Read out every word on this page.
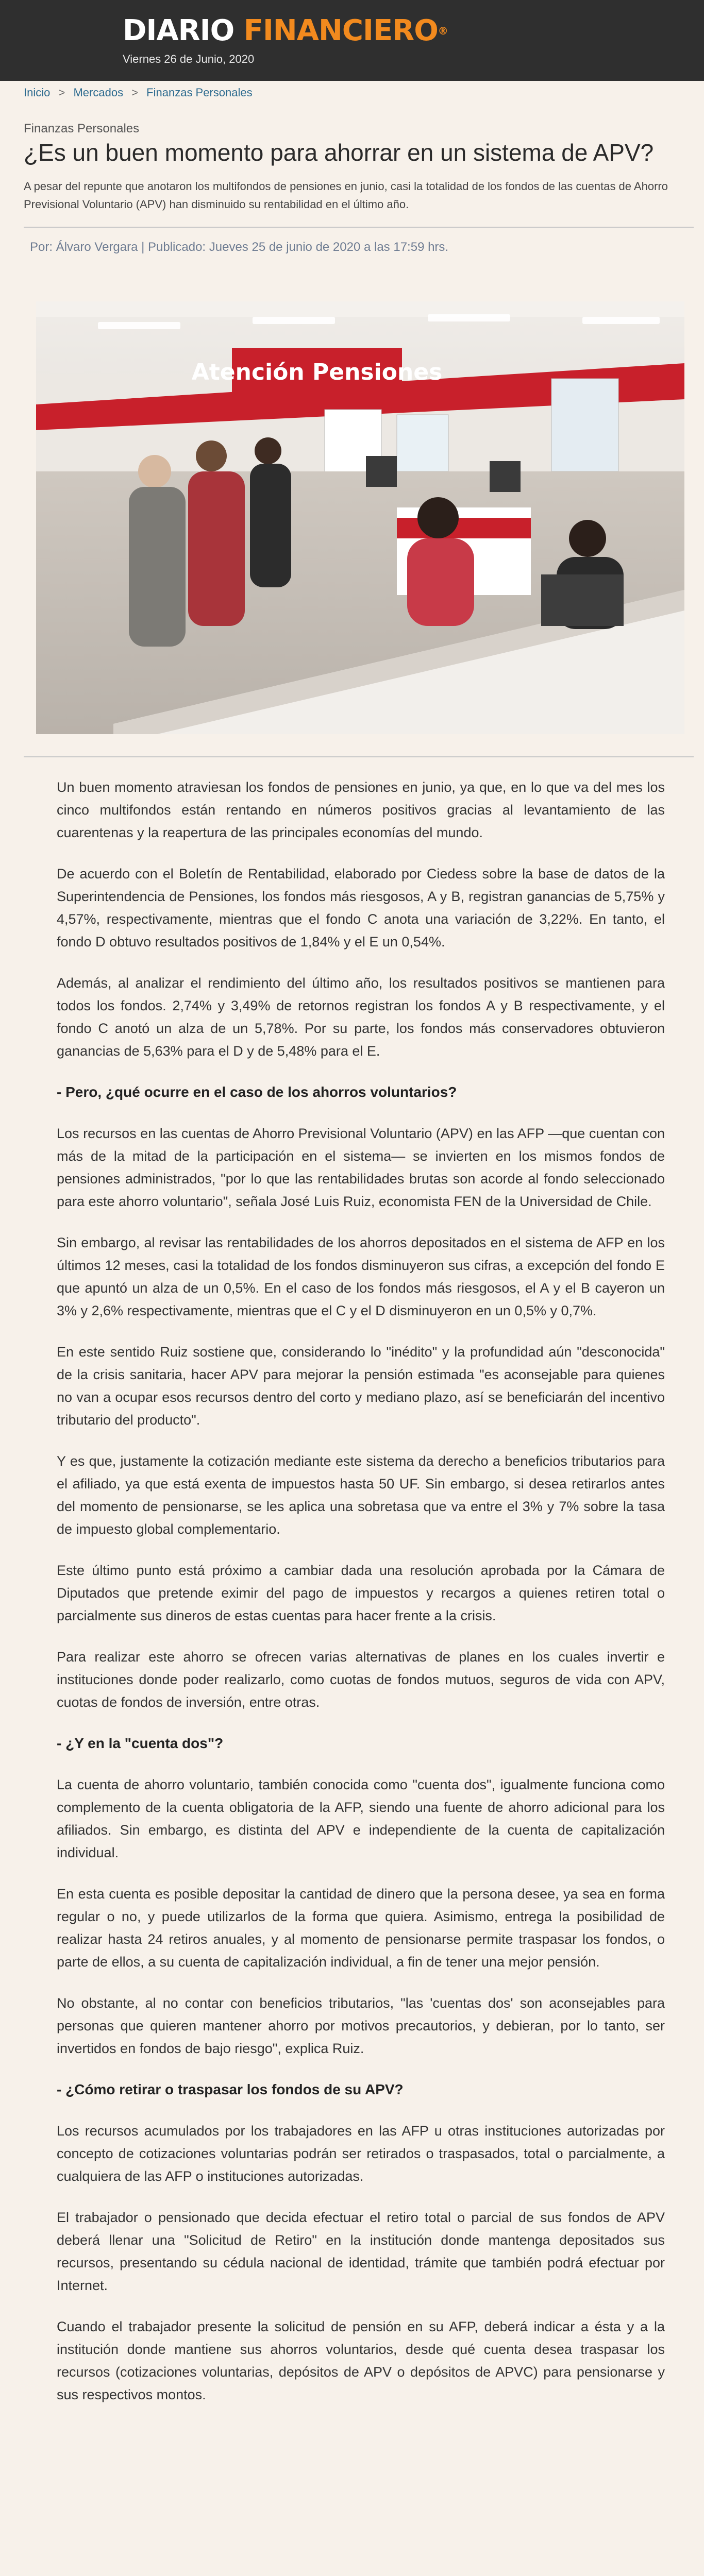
DIARIO FINANCIERO®
Viernes 26 de Junio, 2020
Inicio > Mercados > Finanzas Personales
Finanzas Personales
¿Es un buen momento para ahorrar en un sistema de APV?

A pesar del repunte que anotaron los multifondos de pensiones en junio, casi la totalidad de los fondos de las cuentas de Ahorro Previsional Voluntario (APV) han disminuido su rentabilidad en el último año.

Por: Álvaro Vergara | Publicado: Jueves 25 de junio de 2020 a las 17:59 hrs.
Atención Pensiones

Un buen momento atraviesan los fondos de pensiones en junio, ya que, en lo que va del mes los cinco multifondos están rentando en números positivos gracias al levantamiento de las cuarentenas y la reapertura de las principales economías del mundo.

De acuerdo con el Boletín de Rentabilidad, elaborado por Ciedess sobre la base de datos de la Superintendencia de Pensiones, los fondos más riesgosos, A y B, registran ganancias de 5,75% y 4,57%, respectivamente, mientras que el fondo C anota una variación de 3,22%. En tanto, el fondo D obtuvo resultados positivos de 1,84% y el E un 0,54%.

Además, al analizar el rendimiento del último año, los resultados positivos se mantienen para todos los fondos. 2,74% y 3,49% de retornos registran los fondos A y B respectivamente, y el fondo C anotó un alza de un 5,78%. Por su parte, los fondos más conservadores obtuvieron ganancias de 5,63% para el D y de 5,48% para el E.

- Pero, ¿qué ocurre en el caso de los ahorros voluntarios?

Los recursos en las cuentas de Ahorro Previsional Voluntario (APV) en las AFP —que cuentan con más de la mitad de la participación en el sistema— se invierten en los mismos fondos de pensiones administrados, "por lo que las rentabilidades brutas son acorde al fondo seleccionado para este ahorro voluntario", señala José Luis Ruiz, economista FEN de la Universidad de Chile.

Sin embargo, al revisar las rentabilidades de los ahorros depositados en el sistema de AFP en los últimos 12 meses, casi la totalidad de los fondos disminuyeron sus cifras, a excepción del fondo E que apuntó un alza de un 0,5%. En el caso de los fondos más riesgosos, el A y el B cayeron un 3% y 2,6% respectivamente, mientras que el C y el D disminuyeron en un 0,5% y 0,7%.

En este sentido Ruiz sostiene que, considerando lo "inédito" y la profundidad aún "desconocida" de la crisis sanitaria, hacer APV para mejorar la pensión estimada "es aconsejable para quienes no van a ocupar esos recursos dentro del corto y mediano plazo, así se beneficiarán del incentivo tributario del producto".

Y es que, justamente la cotización mediante este sistema da derecho a beneficios tributarios para el afiliado, ya que está exenta de impuestos hasta 50 UF. Sin embargo, si desea retirarlos antes del momento de pensionarse, se les aplica una sobretasa que va entre el 3% y 7% sobre la tasa de impuesto global complementario.

Este último punto está próximo a cambiar dada una resolución aprobada por la Cámara de Diputados que pretende eximir del pago de impuestos y recargos a quienes retiren total o parcialmente sus dineros de estas cuentas para hacer frente a la crisis.

Para realizar este ahorro se ofrecen varias alternativas de planes en los cuales invertir e instituciones donde poder realizarlo, como cuotas de fondos mutuos, seguros de vida con APV, cuotas de fondos de inversión, entre otras.

- ¿Y en la "cuenta dos"?

La cuenta de ahorro voluntario, también conocida como "cuenta dos", igualmente funciona como complemento de la cuenta obligatoria de la AFP, siendo una fuente de ahorro adicional para los afiliados. Sin embargo, es distinta del APV e independiente de la cuenta de capitalización individual.

En esta cuenta es posible depositar la cantidad de dinero que la persona desee, ya sea en forma regular o no, y puede utilizarlos de la forma que quiera. Asimismo, entrega la posibilidad de realizar hasta 24 retiros anuales, y al momento de pensionarse permite traspasar los fondos, o parte de ellos, a su cuenta de capitalización individual, a fin de tener una mejor pensión.

No obstante, al no contar con beneficios tributarios, "las 'cuentas dos' son aconsejables para personas que quieren mantener ahorro por motivos precautorios, y debieran, por lo tanto, ser invertidos en fondos de bajo riesgo", explica Ruiz.

- ¿Cómo retirar o traspasar los fondos de su APV?

Los recursos acumulados por los trabajadores en las AFP u otras instituciones autorizadas por concepto de cotizaciones voluntarias podrán ser retirados o traspasados, total o parcialmente, a cualquiera de las AFP o instituciones autorizadas.

El trabajador o pensionado que decida efectuar el retiro total o parcial de sus fondos de APV deberá llenar una "Solicitud de Retiro" en la institución donde mantenga depositados sus recursos, presentando su cédula nacional de identidad, trámite que también podrá efectuar por Internet.

Cuando el trabajador presente la solicitud de pensión en su AFP, deberá indicar a ésta y a la institución donde mantiene sus ahorros voluntarios, desde qué cuenta desea traspasar los recursos (cotizaciones voluntarias, depósitos de APV o depósitos de APVC) para pensionarse y sus respectivos montos.
